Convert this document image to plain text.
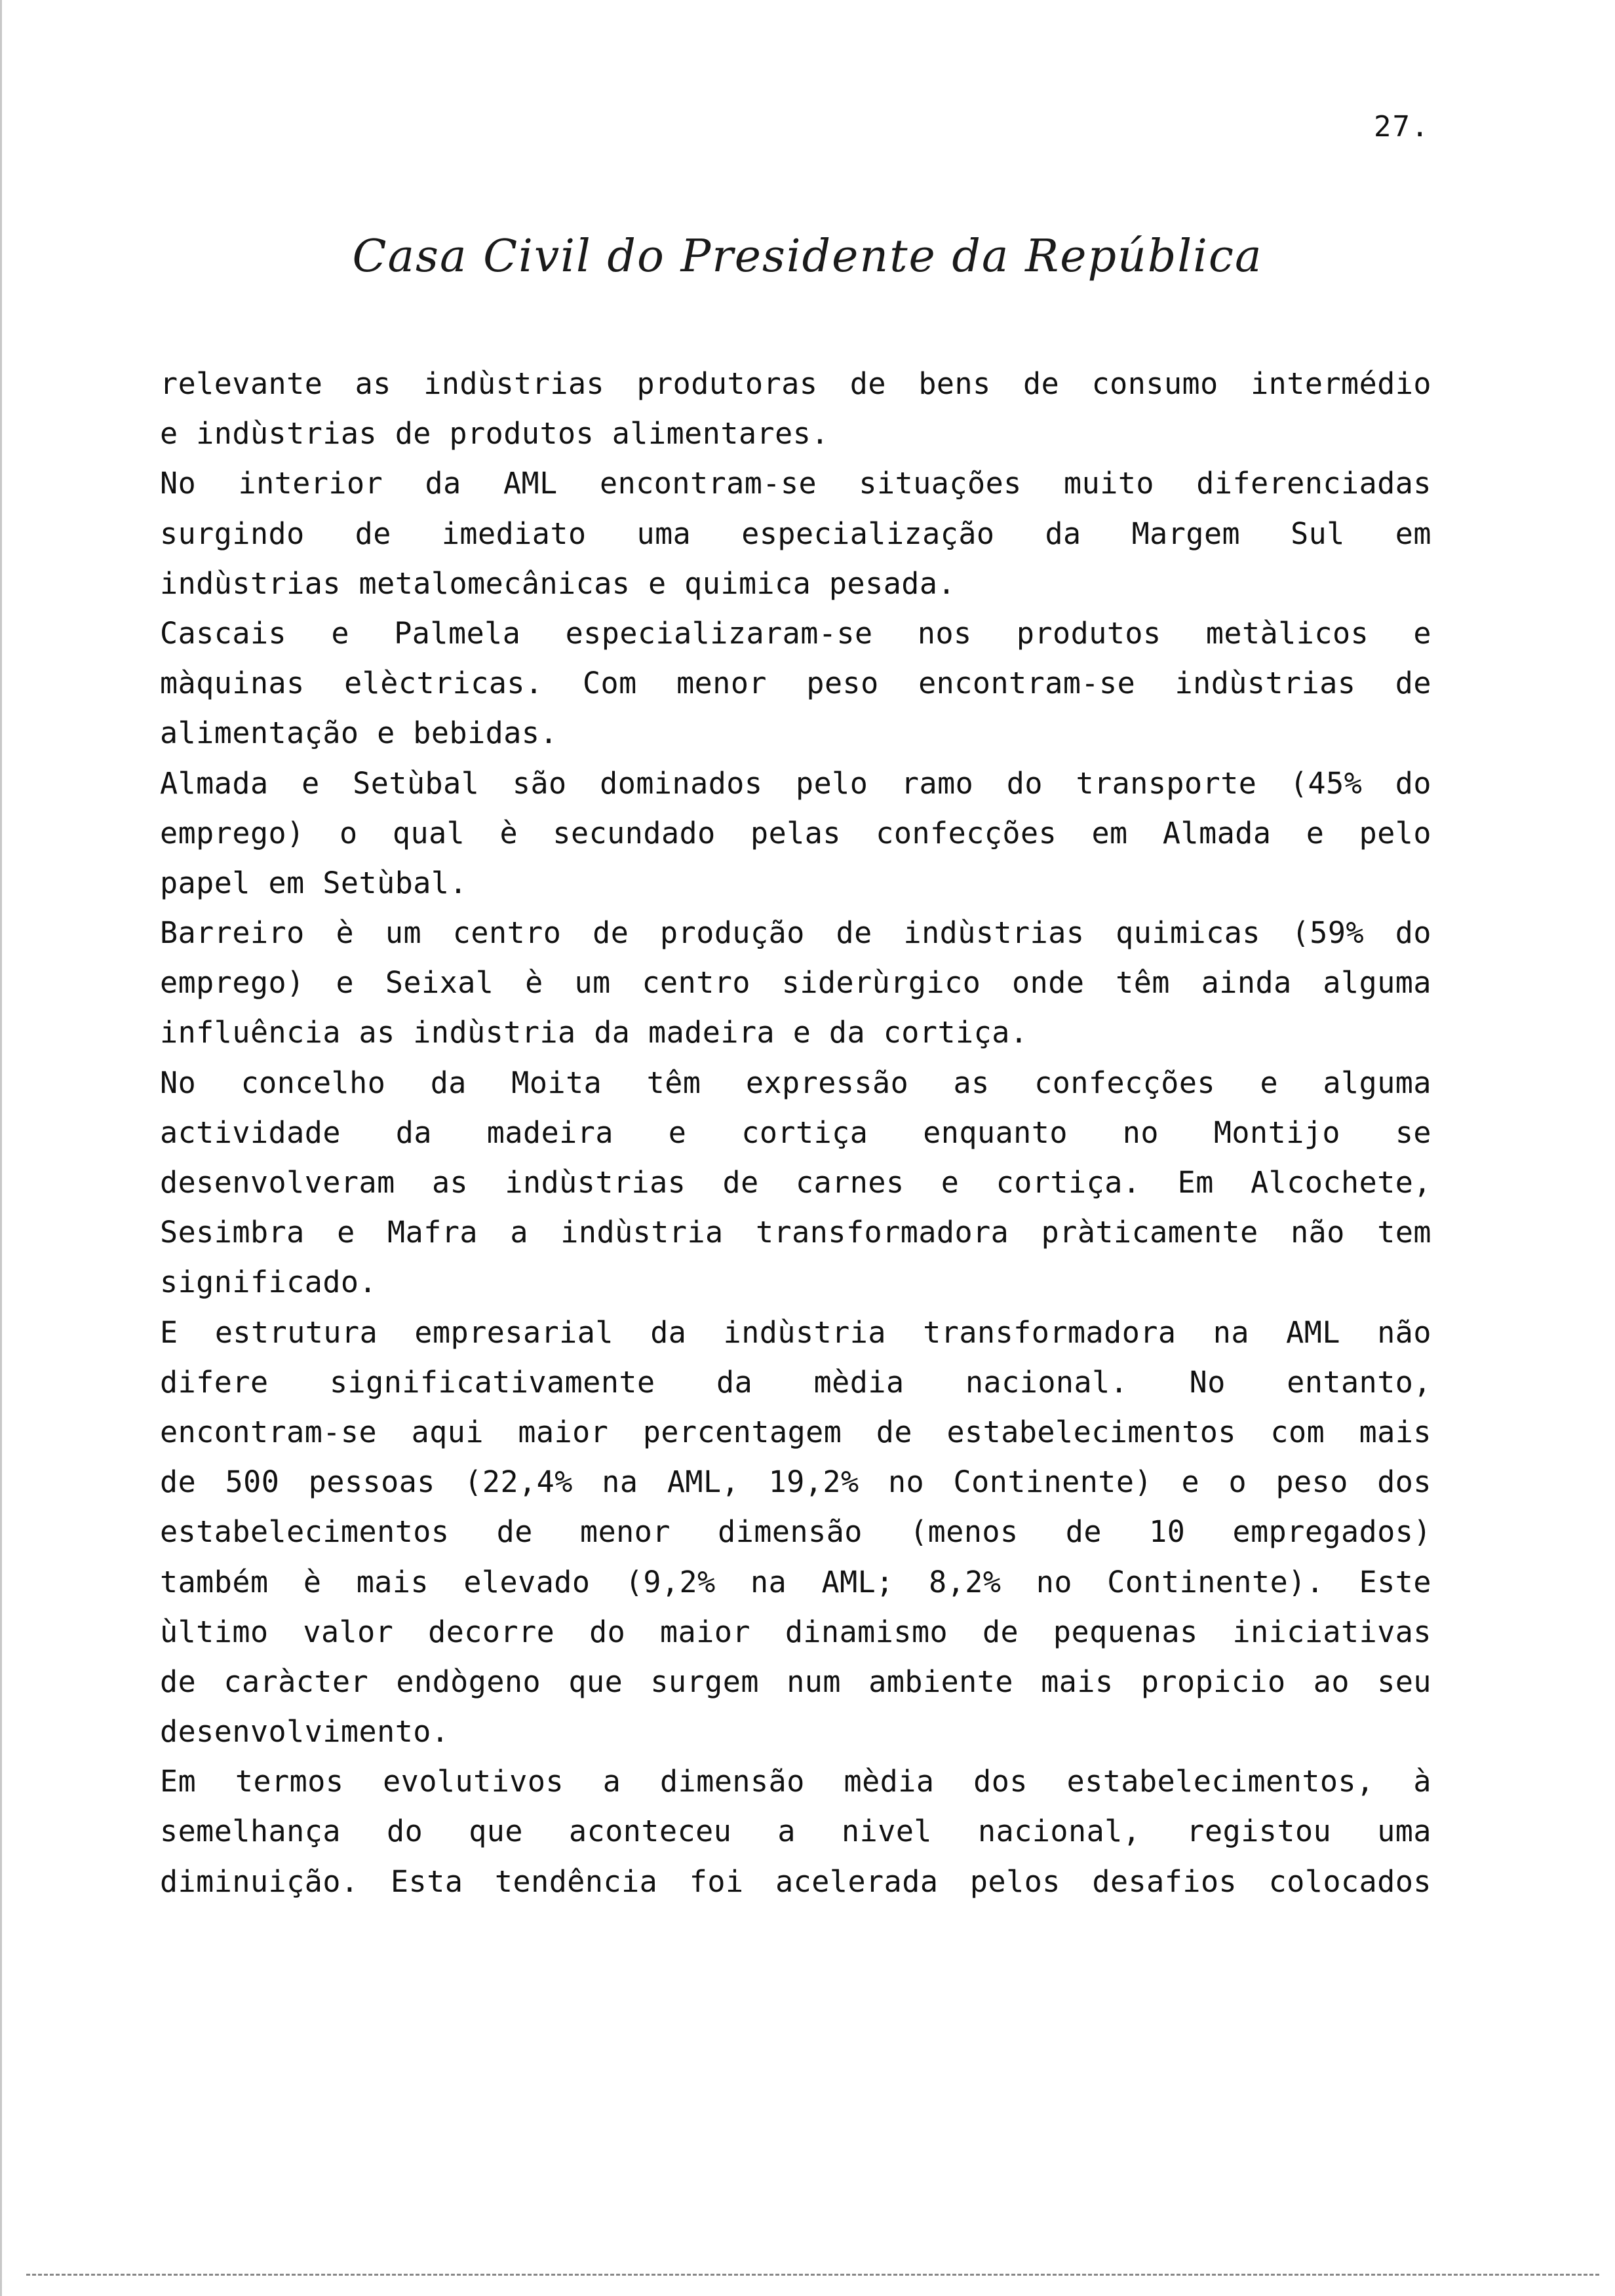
27.
Casa Civil do Presidente da República
relevante as indùstrias produtoras de bens de consumo intermédio
e indùstrias de produtos alimentares.
No interior da AML encontram-se situações muito diferenciadas
surgindo de imediato uma especialização da Margem Sul em
indùstrias metalomecânicas e quimica pesada.
Cascais e Palmela especializaram-se nos produtos metàlicos e
màquinas elèctricas. Com menor peso encontram-se indùstrias de
alimentação e bebidas.
Almada e Setùbal são dominados pelo ramo do transporte (45% do
emprego) o qual è secundado pelas confecções em Almada e pelo
papel em Setùbal.
Barreiro è um centro de produção de indùstrias quimicas (59% do
emprego) e Seixal è um centro siderùrgico onde têm ainda alguma
influência as indùstria da madeira e da cortiça.
No concelho da Moita têm expressão as confecções e alguma
actividade da madeira e cortiça enquanto no Montijo se
desenvolveram as indùstrias de carnes e cortiça. Em Alcochete,
Sesimbra e Mafra a indùstria transformadora pràticamente não tem
significado.
E estrutura empresarial da indùstria transformadora na AML não
difere significativamente da mèdia nacional. No entanto,
encontram-se aqui maior percentagem de estabelecimentos com mais
de 500 pessoas (22,4% na AML, 19,2% no Continente) e o peso dos
estabelecimentos de menor dimensão (menos de 10 empregados)
também è mais elevado (9,2% na AML; 8,2% no Continente). Este
ùltimo valor decorre do maior dinamismo de pequenas iniciativas
de caràcter endògeno que surgem num ambiente mais propicio ao seu
desenvolvimento.
Em termos evolutivos a dimensão mèdia dos estabelecimentos, à
semelhança do que aconteceu a nivel nacional, registou uma
diminuição. Esta tendência foi acelerada pelos desafios colocados
